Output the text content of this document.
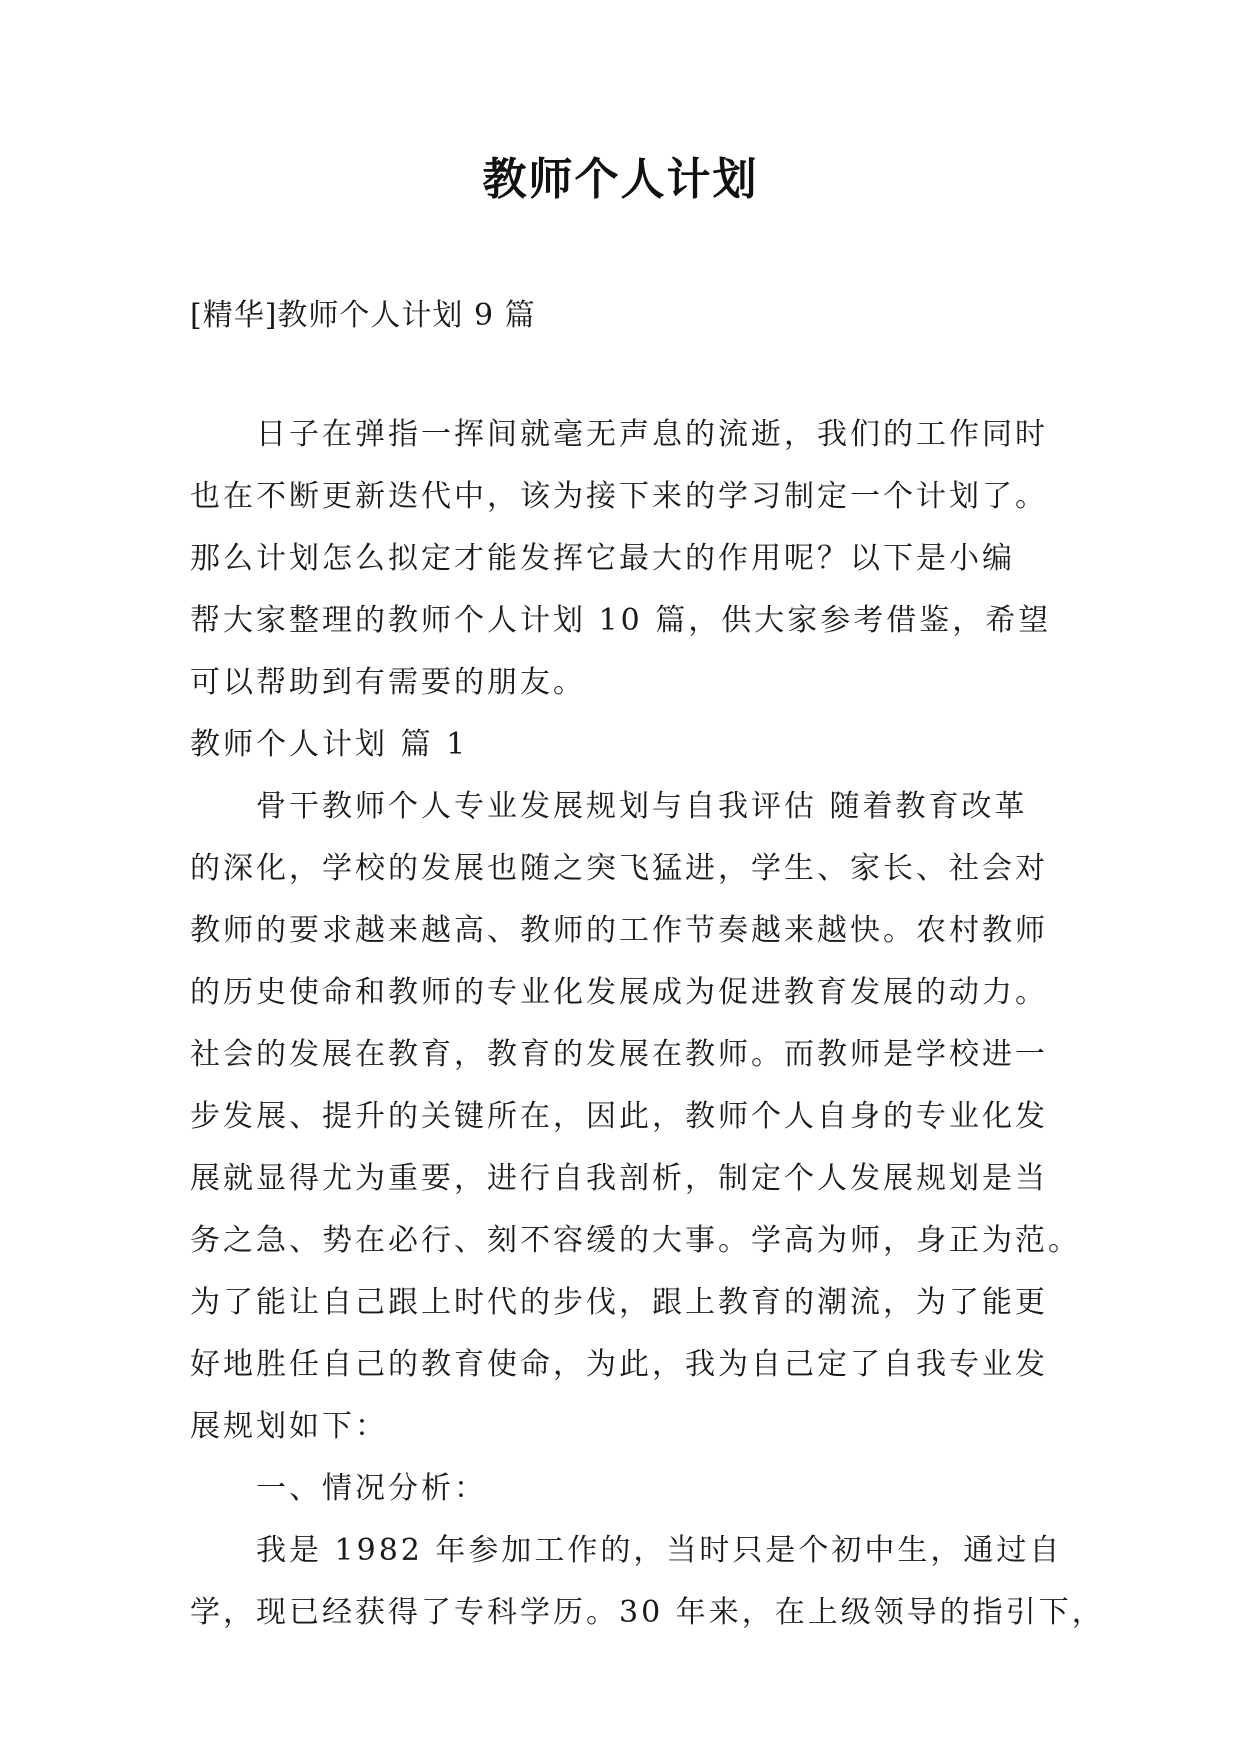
教师个人计划
[精华]教师个人计划 9 篇
日子在弹指一挥间就毫无声息的流逝，我们的工作同时
也在不断更新迭代中，该为接下来的学习制定一个计划了。
那么计划怎么拟定才能发挥它最大的作用呢？以下是小编
帮大家整理的教师个人计划 10 篇，供大家参考借鉴，希望
可以帮助到有需要的朋友。
教师个人计划 篇 1
骨干教师个人专业发展规划与自我评估 随着教育改革
的深化，学校的发展也随之突飞猛进，学生、家长、社会对
教师的要求越来越高、教师的工作节奏越来越快。农村教师
的历史使命和教师的专业化发展成为促进教育发展的动力。
社会的发展在教育，教育的发展在教师。而教师是学校进一
步发展、提升的关键所在，因此，教师个人自身的专业化发
展就显得尤为重要，进行自我剖析，制定个人发展规划是当
务之急、势在必行、刻不容缓的大事。学高为师，身正为范。
为了能让自己跟上时代的步伐，跟上教育的潮流，为了能更
好地胜任自己的教育使命，为此，我为自己定了自我专业发
展规划如下：
一、情况分析：
我是 1982 年参加工作的，当时只是个初中生，通过自
学，现已经获得了专科学历。30 年来，在上级领导的指引下，
